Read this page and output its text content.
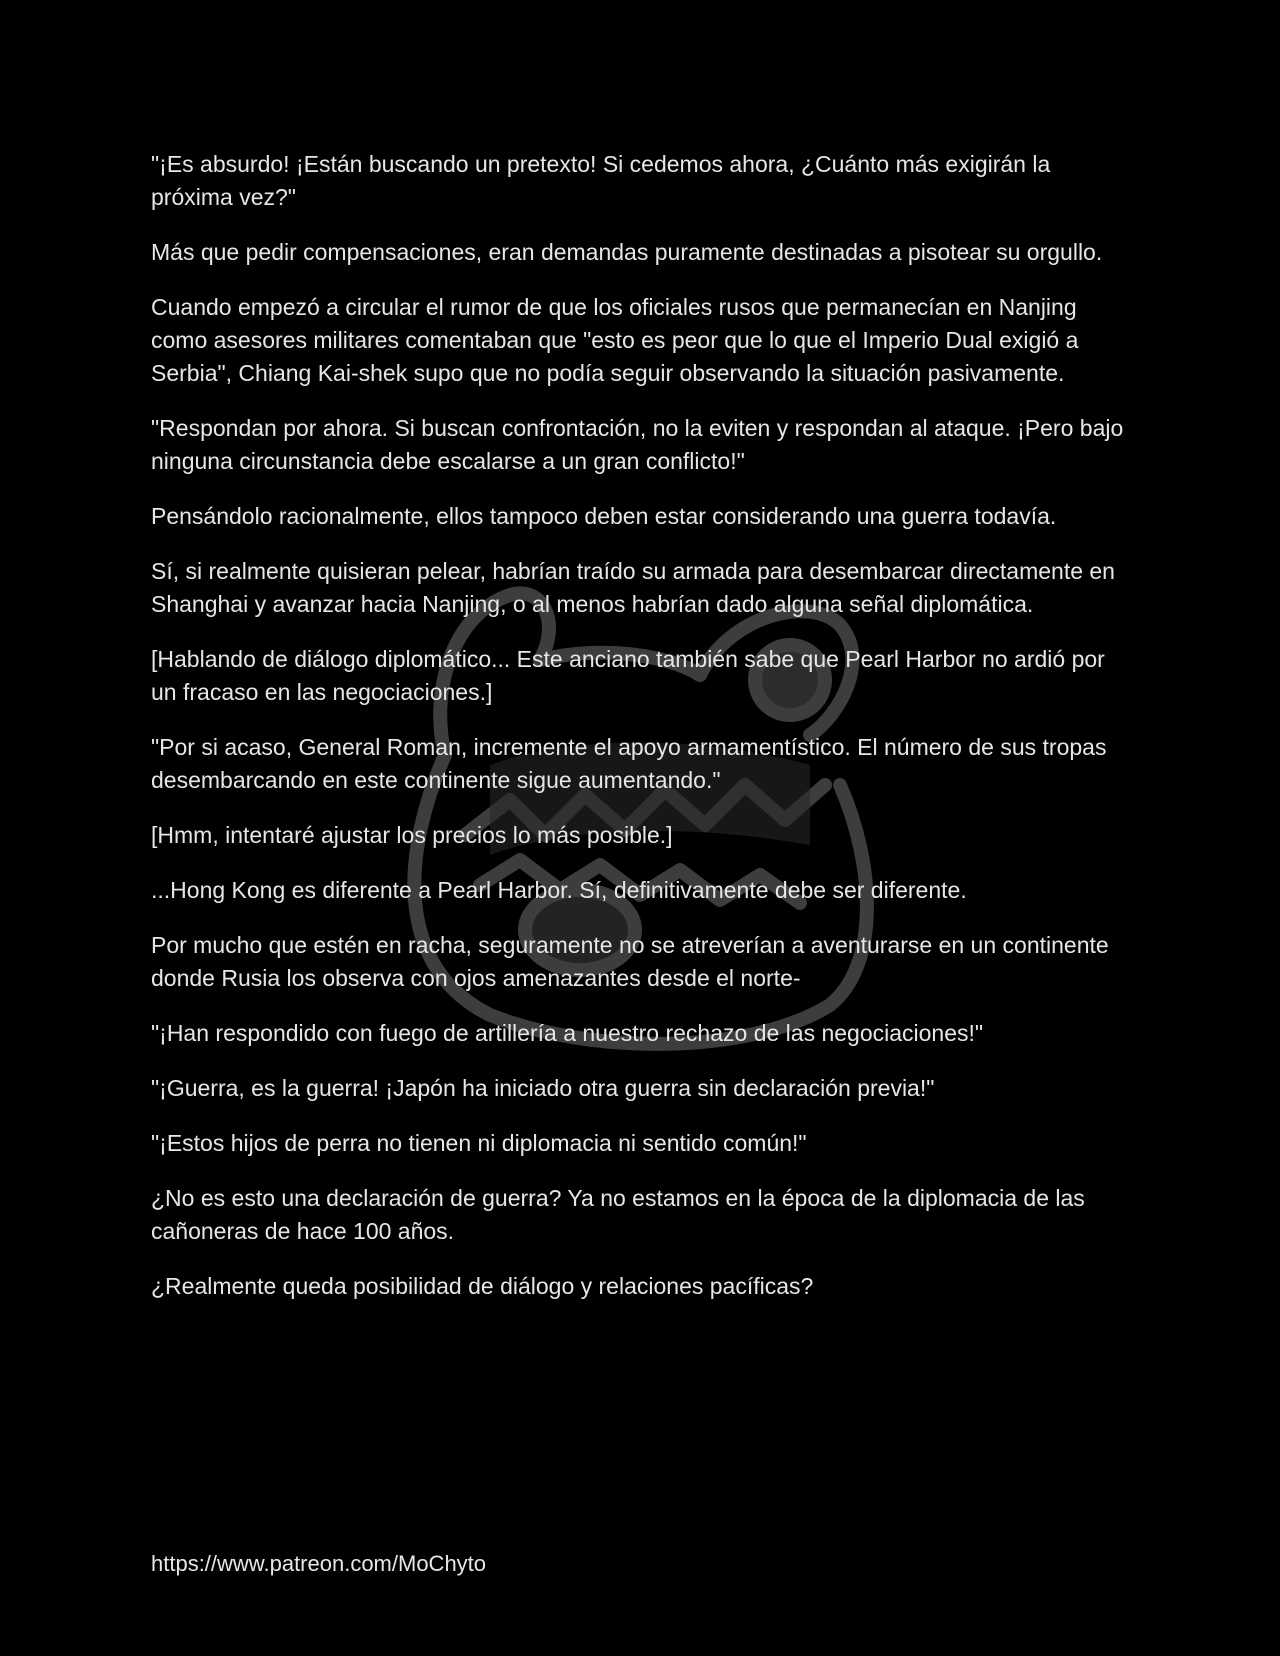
"¡Es absurdo! ¡Están buscando un pretexto! Si cedemos ahora, ¿Cuánto más exigirán la próxima vez?"

Más que pedir compensaciones, eran demandas puramente destinadas a pisotear su orgullo.

Cuando empezó a circular el rumor de que los oficiales rusos que permanecían en Nanjing como asesores militares comentaban que "esto es peor que lo que el Imperio Dual exigió a Serbia", Chiang Kai-shek supo que no podía seguir observando la situación pasivamente.

"Respondan por ahora. Si buscan confrontación, no la eviten y respondan al ataque. ¡Pero bajo ninguna circunstancia debe escalarse a un gran conflicto!"

Pensándolo racionalmente, ellos tampoco deben estar considerando una guerra todavía.

Sí, si realmente quisieran pelear, habrían traído su armada para desembarcar directamente en Shanghai y avanzar hacia Nanjing, o al menos habrían dado alguna señal diplomática.

[Hablando de diálogo diplomático... Este anciano también sabe que Pearl Harbor no ardió por un fracaso en las negociaciones.]

"Por si acaso, General Roman, incremente el apoyo armamentístico. El número de sus tropas desembarcando en este continente sigue aumentando."

[Hmm, intentaré ajustar los precios lo más posible.]

...Hong Kong es diferente a Pearl Harbor. Sí, definitivamente debe ser diferente.

Por mucho que estén en racha, seguramente no se atreverían a aventurarse en un continente donde Rusia los observa con ojos amenazantes desde el norte-

"¡Han respondido con fuego de artillería a nuestro rechazo de las negociaciones!"

"¡Guerra, es la guerra! ¡Japón ha iniciado otra guerra sin declaración previa!"

"¡Estos hijos de perra no tienen ni diplomacia ni sentido común!"

¿No es esto una declaración de guerra? Ya no estamos en la época de la diplomacia de las cañoneras de hace 100 años.

¿Realmente queda posibilidad de diálogo y relaciones pacíficas?

https://www.patreon.com/MoChyto
